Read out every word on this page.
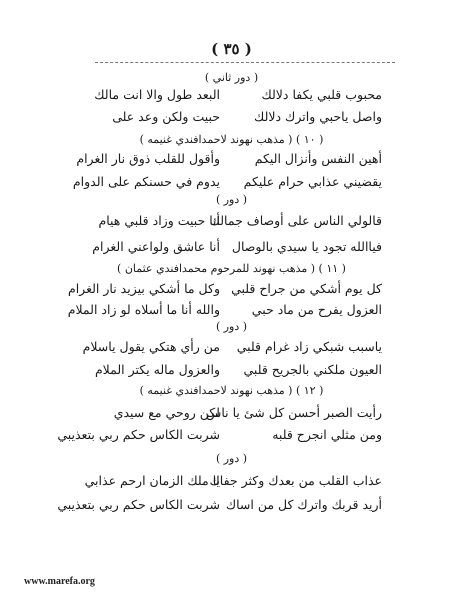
( ٣٥ )
( دور ثاني )
محبوب قلبي يكفا دلالك
البعد طول والا انت مالك
واصل ياحبي واترك دلالك
حبيت ولكن وعد على
( ١٠ ) ( مذهب نهوند لاحمدافندي غنيمه )
أهين النفس وأنزال اليكم
وأقول للقلب ذوق نار الغرام
يقضيني عذابي حرام عليكم
يدوم في حسنكم على الدوام
( دور )
قالولي الناس على أوصاف جمالك
أنا حبيت وزاد قلبي هيام
فياالله تجود يا سيدي بالوصال
أنا عاشق ولواعني الغرام
( ١١ ) ( مذهب نهوند للمرحوم محمدافندي عثمان )
كل يوم أشكي من جراح قلبي
وكل ما أشكي بيزيد نار الغرام
العزول يفرح من ماد حبي
والله أنا ما أسلاه لو زاد الملام
( دور )
ياسبب شبكي زاد غرام قلبي
من رأي هتكي يقول ياسلام
العيون ملكني بالجريح قلبي
والعزول ماله يكتر الملام
( ١٢ ) ( مذهب نهوند لاحمدافندي غنيمه )
رأيت الصبر أحسن كل شئ يا ناس
لكن روحي مع سيدي
ومن مثلي انجرح قلبه
شربت الكاس حكم ربي بتعذيبي
( دور )
عذاب القلب من بعدك وكثر جفاك
يا ملك الزمان ارحم عذابي
أريد قربك واترك كل من اساك
شربت الكاس حكم ربي بتعذيبي
www.marefa.org
